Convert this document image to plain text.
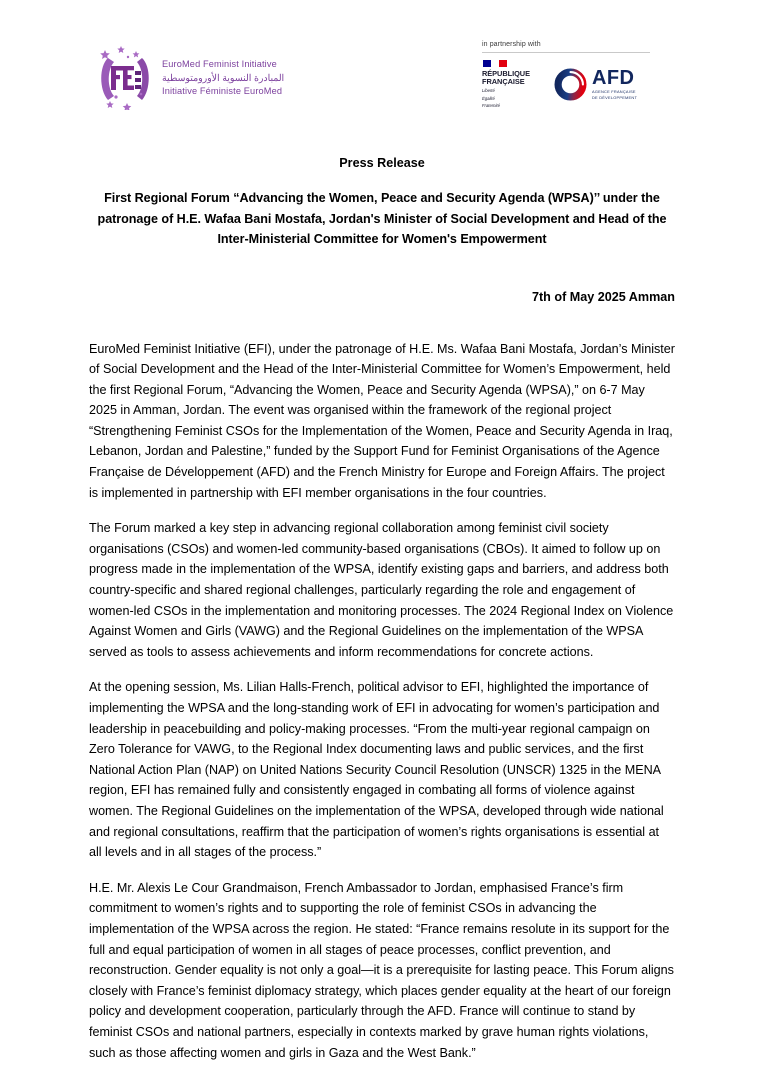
EuroMed Feminist Initiative
المبادرة النسوية الأورومتوسطية
Initiative Féministe EuroMed
in partnership with
RÉPUBLIQUE
FRANÇAISE
Liberté
Égalité
Fraternité
AFD
AGENCE FRANÇAISE
DE DÉVELOPPEMENT
Press Release
First Regional Forum “Advancing the Women, Peace and Security Agenda (WPSA)’’ under the patronage of H.E. Wafaa Bani Mostafa, Jordan's Minister of Social Development and Head of the Inter-Ministerial Committee for Women's Empowerment
7th of May 2025 Amman

EuroMed Feminist Initiative (EFI), under the patronage of H.E. Ms. Wafaa Bani Mostafa, Jordan’s Minister of Social Development and the Head of the Inter-Ministerial Committee for Women’s Empowerment, held the first Regional Forum, “Advancing the Women, Peace and Security Agenda (WPSA),” on 6-7 May 2025 in Amman, Jordan. The event was organised within the framework of the regional project “Strengthening Feminist CSOs for the Implementation of the Women, Peace and Security Agenda in Iraq, Lebanon, Jordan and Palestine,” funded by the Support Fund for Feminist Organisations of the Agence Française de Développement (AFD) and the French Ministry for Europe and Foreign Affairs. The project is implemented in partnership with EFI member organisations in the four countries.

The Forum marked a key step in advancing regional collaboration among feminist civil society organisations (CSOs) and women-led community-based organisations (CBOs). It aimed to follow up on progress made in the implementation of the WPSA, identify existing gaps and barriers, and address both country-specific and shared regional challenges, particularly regarding the role and engagement of women-led CSOs in the implementation and monitoring processes. The 2024 Regional Index on Violence Against Women and Girls (VAWG) and the Regional Guidelines on the implementation of the WPSA served as tools to assess achievements and inform recommendations for concrete actions.

At the opening session, Ms. Lilian Halls-French, political advisor to EFI, highlighted the importance of implementing the WPSA and the long-standing work of EFI in advocating for women’s participation and leadership in peacebuilding and policy-making processes. “From the multi-year regional campaign on Zero Tolerance for VAWG, to the Regional Index documenting laws and public services, and the first National Action Plan (NAP) on United Nations Security Council Resolution (UNSCR) 1325 in the MENA region, EFI has remained fully and consistently engaged in combating all forms of violence against women. The Regional Guidelines on the implementation of the WPSA, developed through wide national and regional consultations, reaffirm that the participation of women’s rights organisations is essential at all levels and in all stages of the process.”

H.E. Mr. Alexis Le Cour Grandmaison, French Ambassador to Jordan, emphasised France’s firm commitment to women’s rights and to supporting the role of feminist CSOs in advancing the implementation of the WPSA across the region. He stated: “France remains resolute in its support for the full and equal participation of women in all stages of peace processes, conflict prevention, and reconstruction. Gender equality is not only a goal—it is a prerequisite for lasting peace. This Forum aligns closely with France’s feminist diplomacy strategy, which places gender equality at the heart of our foreign policy and development cooperation, particularly through the AFD. France will continue to stand by feminist CSOs and national partners, especially in contexts marked by grave human rights violations, such as those affecting women and girls in Gaza and the West Bank.”
